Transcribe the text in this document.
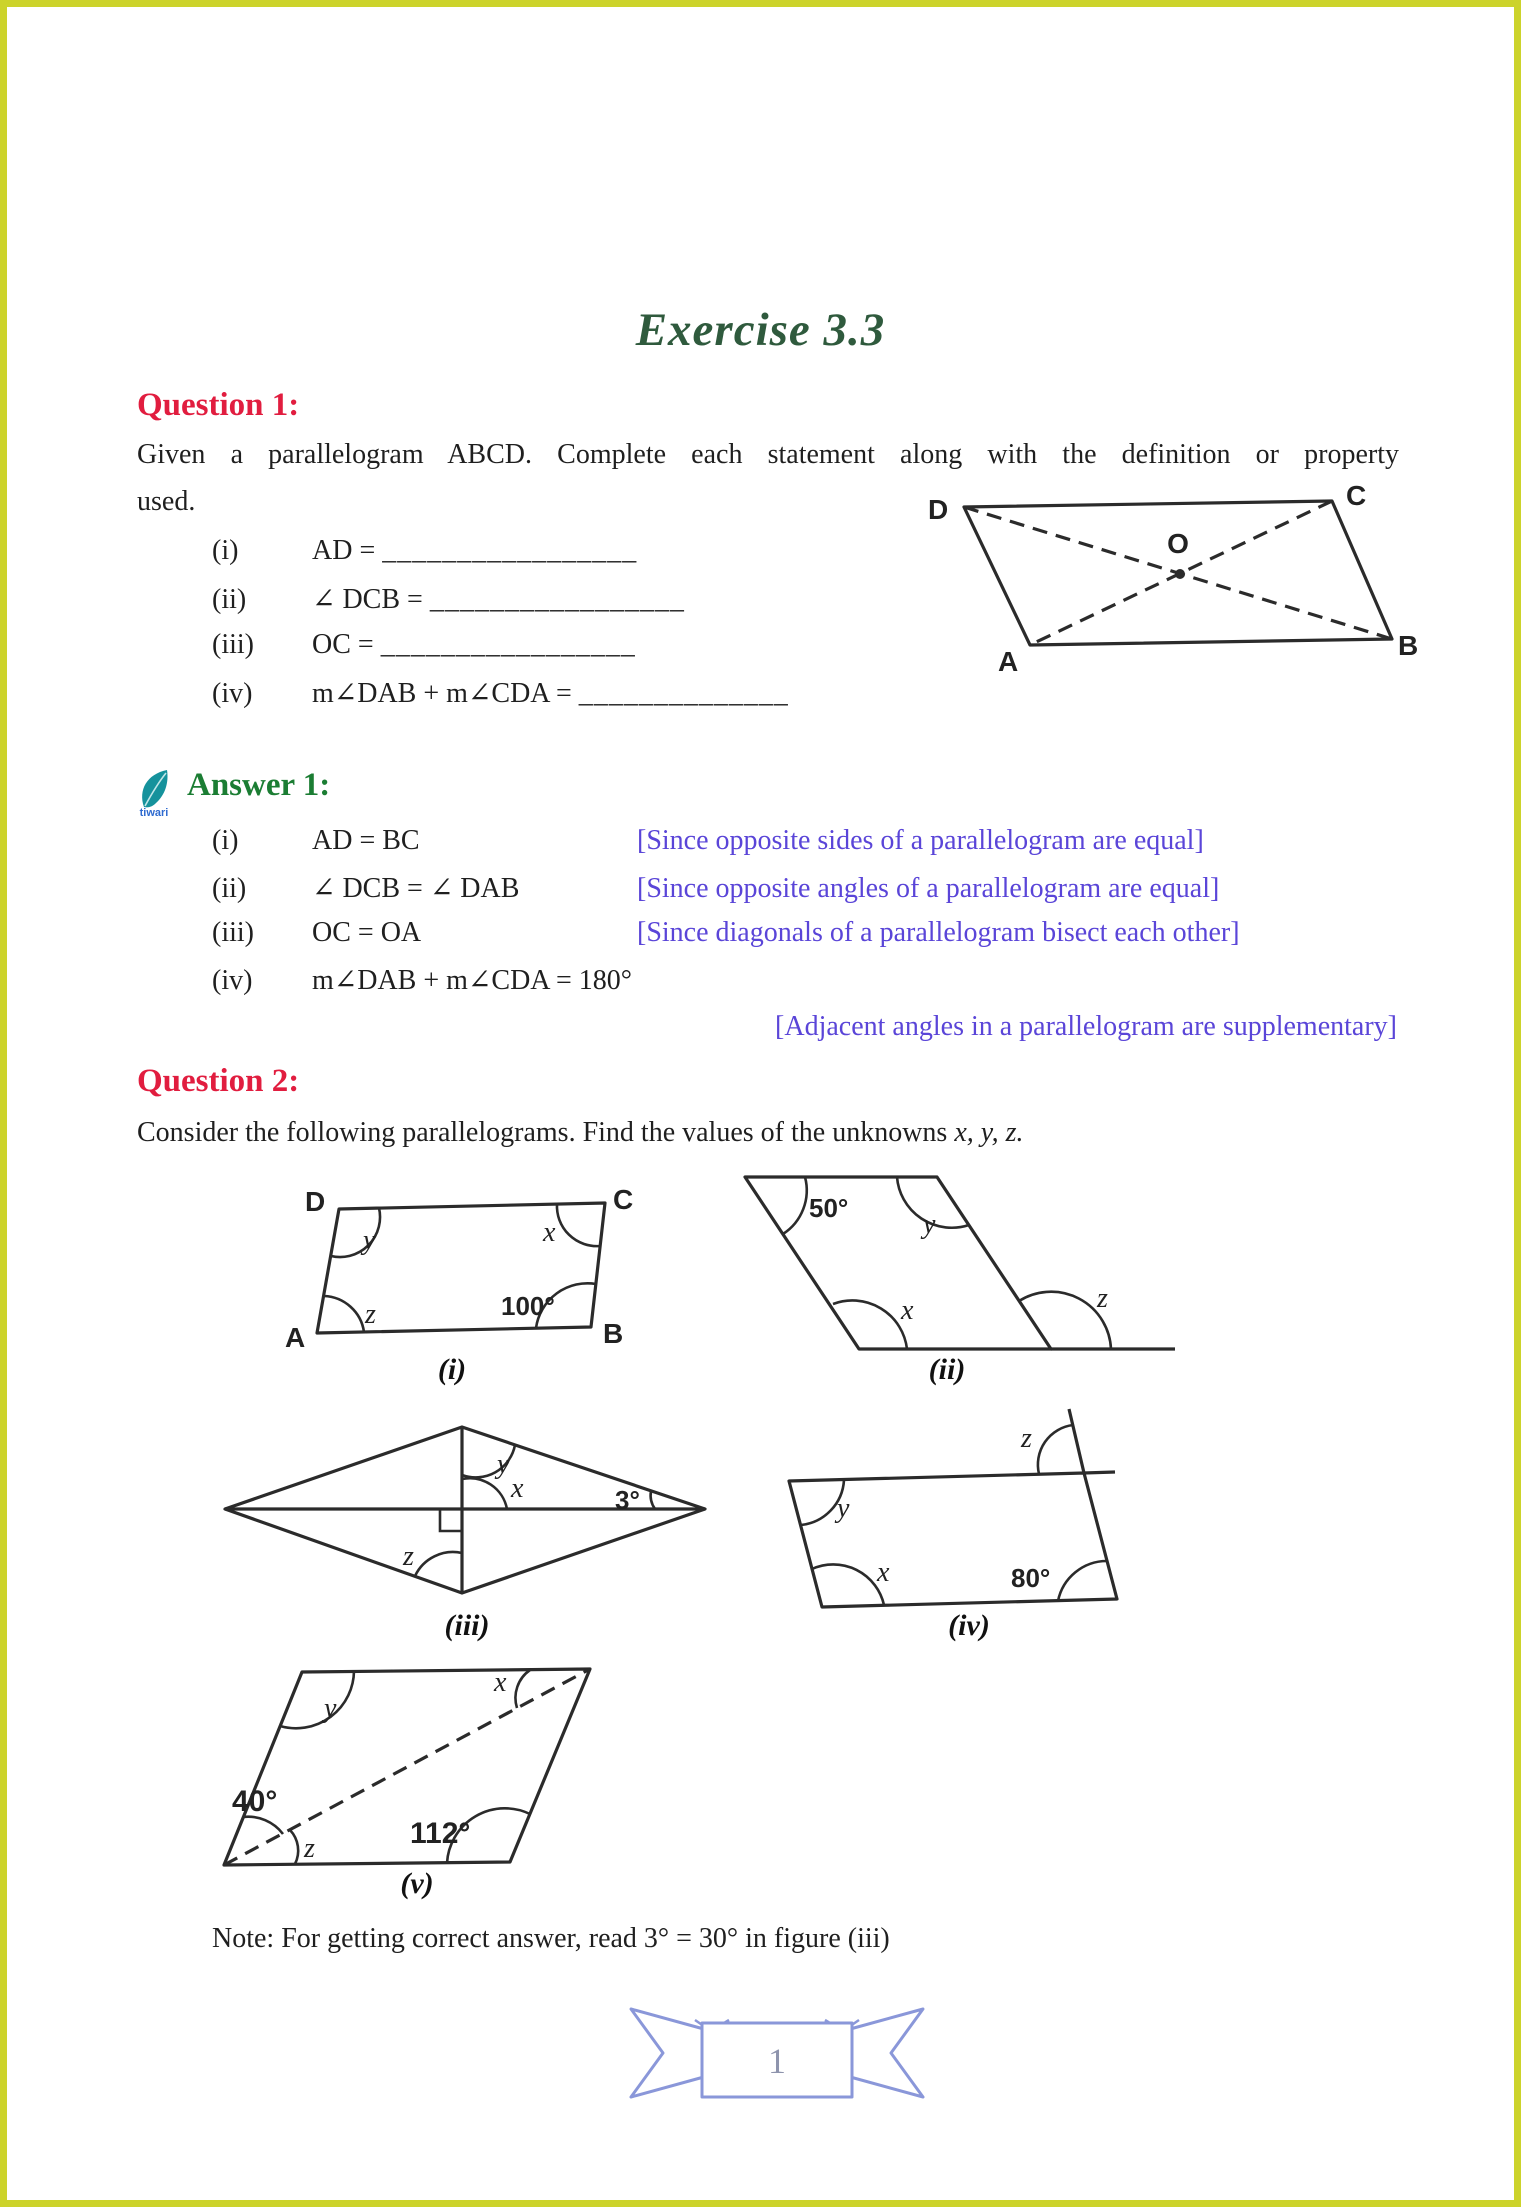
Exercise 3.3
Question 1:
Given a parallelogram ABCD. Complete each statement along with the definition or property used.
(i)	AD = _________________
(ii)	∠ DCB = _________________
(iii)	OC = _________________
(iv)	m∠DAB + m∠CDA = ______________
D	C
A
B
O
tiwari
Answer 1:
(i)	AD = BC	[Since opposite sides of a parallelogram are equal]
(ii)	∠ DCB = ∠ DAB	[Since opposite angles of a parallelogram are equal]
(iii)	OC = OA	[Since diagonals of a parallelogram bisect each other]
(iv)	m∠DAB + m∠CDA = 180°
[Adjacent angles in a parallelogram are supplementary]
Question 2:
Consider the following parallelograms. Find the values of the unknowns x, y, z.
D	C
A	B
y	x
z	100°
(i)
50°
y
x	z
(ii)
y
x
z
3°
(iii)
y
x	80°
z
(iv)
y
x
40°
z	112°
(v)
Note: For getting correct answer, read 3° = 30° in figure (iii)
1
